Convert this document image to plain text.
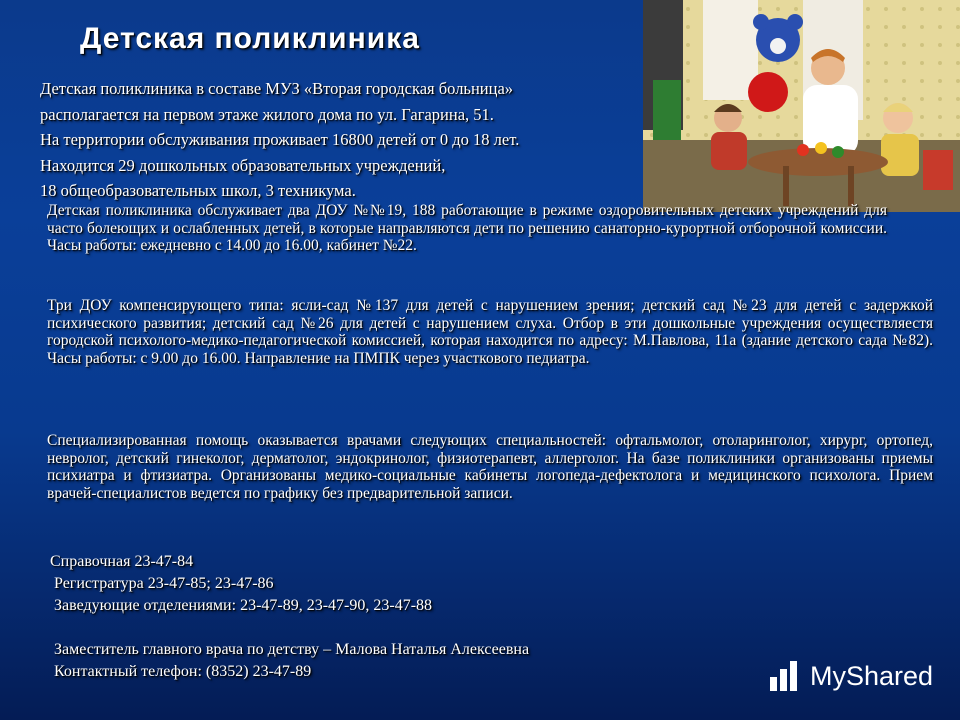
Детская поликлиника
Детская поликлиника в составе МУЗ «Вторая городская больница»
располагается на первом этаже жилого дома по ул. Гагарина, 51.
На территории обслуживания проживает 16800 детей от 0 до 18 лет.
Находится 29 дошкольных образовательных учреждений,
18 общеобразовательных школ, 3 техникума.
Детская поликлиника обслуживает два ДОУ №№19, 188 работающие в режиме оздоровительных детских учреждений для часто болеющих и ослабленных детей, в которые направляются дети по решению санаторно-курортной отборочной комиссии. Часы работы: ежедневно с 14.00 до 16.00, кабинет №22.
Три ДОУ компенсирующего типа: ясли-сад №137 для детей с нарушением зрения; детский сад №23 для детей с задержкой психического развития; детский сад №26 для детей с нарушением слуха. Отбор в эти дошкольные учреждения осуществляестя городской психолого-медико-педагогической комиссией, которая находится по адресу: М.Павлова, 11а (здание детского сада №82). Часы работы: с 9.00 до 16.00. Направление на ПМПК через участкового педиатра.
Специализированная помощь оказывается врачами следующих специальностей: офтальмолог, отоларинголог, хирург, ортопед, невролог, детский гинеколог, дерматолог, эндокринолог, физиотерапевт, аллерголог. На базе поликлиники организованы приемы психиатра и фтизиатра. Организованы медико-социальные кабинеты логопеда-дефектолога и медицинского психолога. Прием врачей-специалистов ведется по графику без предварительной записи.
Справочная 23-47-84
Регистратура 23-47-85; 23-47-86
Заведующие отделениями: 23-47-89, 23-47-90, 23-47-88
Заместитель главного врача по детству – Малова Наталья Алексеевна
Контактный телефон: (8352) 23-47-89	MyShared
